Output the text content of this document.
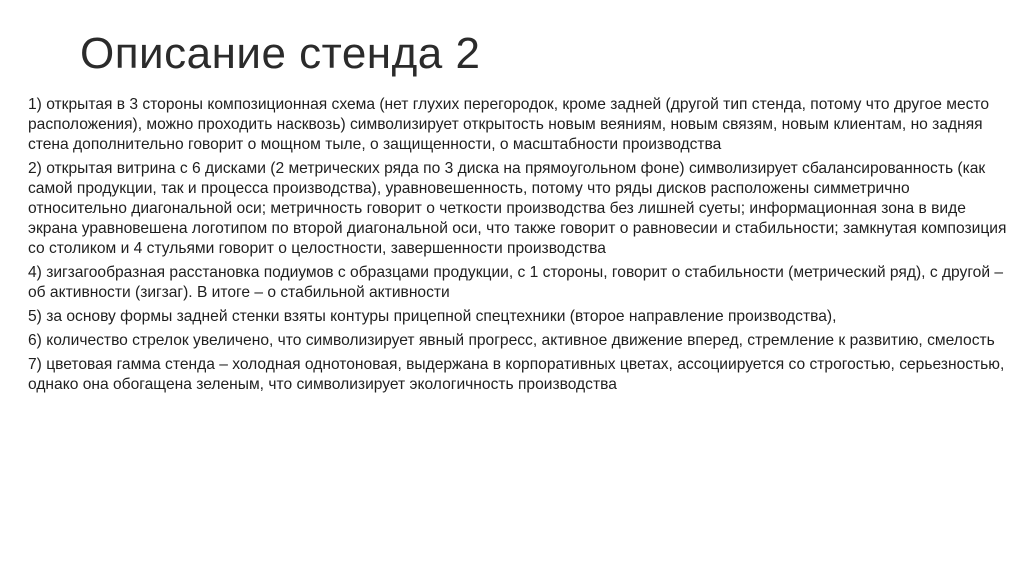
Описание стенда 2

1) открытая в 3 стороны композиционная схема (нет глухих перегородок, кроме задней (другой тип стенда, потому что другое место расположения), можно проходить насквозь) символизирует открытость новым веяниям, новым связям, новым клиентам, но задняя стена дополнительно говорит о мощном тыле, о защищенности, о масштабности производства

2) открытая витрина с 6 дисками (2 метрических ряда по 3 диска на прямоугольном фоне) символизирует сбалансированность (как самой продукции, так и процесса производства), уравновешенность, потому что ряды дисков расположены симметрично относительно диагональной оси; метричность говорит о четкости производства без лишней суеты; информационная зона в виде экрана уравновешена логотипом по второй диагональной оси, что также говорит о равновесии и стабильности; замкнутая композиция со столиком и 4 стульями говорит о целостности, завершенности производства

4) зигзагообразная расстановка подиумов с образцами продукции, с 1 стороны, говорит о стабильности (метрический ряд), с другой – об активности (зигзаг). В итоге – о стабильной активности

5) за основу формы задней стенки взяты контуры прицепной спецтехники (второе направление производства),

6) количество стрелок увеличено, что символизирует явный прогресс, активное движение вперед, стремление к развитию, смелость

7) цветовая гамма стенда – холодная однотоновая, выдержана в корпоративных цветах, ассоциируется со строгостью, серьезностью, однако она обогащена зеленым, что символизирует экологичность производства
